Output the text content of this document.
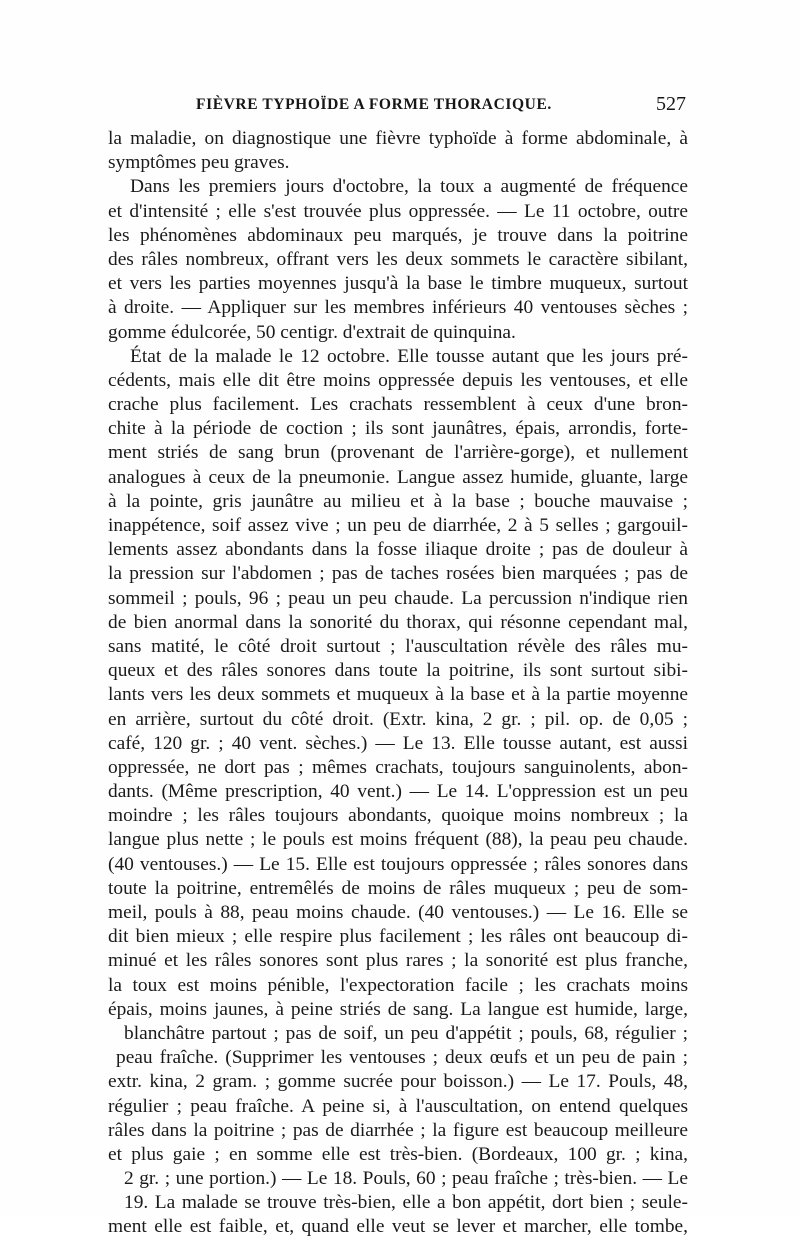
FIÈVRE TYPHOÏDE A FORME THORACIQUE.	527
la maladie, on diagnostique une fièvre typhoïde à forme abdominale, à
symptômes peu graves.
Dans les premiers jours d'octobre, la toux a augmenté de fréquence
et d'intensité ; elle s'est trouvée plus oppressée. — Le 11 octobre, outre
les phénomènes abdominaux peu marqués, je trouve dans la poitrine
des râles nombreux, offrant vers les deux sommets le caractère sibilant,
et vers les parties moyennes jusqu'à la base le timbre muqueux, surtout
à droite. — Appliquer sur les membres inférieurs 40 ventouses sèches ;
gomme édulcorée, 50 centigr. d'extrait de quinquina.
État de la malade le 12 octobre. Elle tousse autant que les jours pré-
cédents, mais elle dit être moins oppressée depuis les ventouses, et elle
crache plus facilement. Les crachats ressemblent à ceux d'une bron-
chite à la période de coction ; ils sont jaunâtres, épais, arrondis, forte-
ment striés de sang brun (provenant de l'arrière-gorge), et nullement
analogues à ceux de la pneumonie. Langue assez humide, gluante, large
à la pointe, gris jaunâtre au milieu et à la base ; bouche mauvaise ;
inappétence, soif assez vive ; un peu de diarrhée, 2 à 5 selles ; gargouil-
lements assez abondants dans la fosse iliaque droite ; pas de douleur à
la pression sur l'abdomen ; pas de taches rosées bien marquées ; pas de
sommeil ; pouls, 96 ; peau un peu chaude. La percussion n'indique rien
de bien anormal dans la sonorité du thorax, qui résonne cependant mal,
sans matité, le côté droit surtout ; l'auscultation révèle des râles mu-
queux et des râles sonores dans toute la poitrine, ils sont surtout sibi-
lants vers les deux sommets et muqueux à la base et à la partie moyenne
en arrière, surtout du côté droit. (Extr. kina, 2 gr. ; pil. op. de 0,05 ;
café, 120 gr. ; 40 vent. sèches.) — Le 13. Elle tousse autant, est aussi
oppressée, ne dort pas ; mêmes crachats, toujours sanguinolents, abon-
dants. (Même prescription, 40 vent.) — Le 14. L'oppression est un peu
moindre ; les râles toujours abondants, quoique moins nombreux ; la
langue plus nette ; le pouls est moins fréquent (88), la peau peu chaude.
(40 ventouses.) — Le 15. Elle est toujours oppressée ; râles sonores dans
toute la poitrine, entremêlés de moins de râles muqueux ; peu de som-
meil, pouls à 88, peau moins chaude. (40 ventouses.) — Le 16. Elle se
dit bien mieux ; elle respire plus facilement ; les râles ont beaucoup di-
minué et les râles sonores sont plus rares ; la sonorité est plus franche,
la toux est moins pénible, l'expectoration facile ; les crachats moins
épais, moins jaunes, à peine striés de sang. La langue est humide, large,
blanchâtre partout ; pas de soif, un peu d'appétit ; pouls, 68, régulier ;
peau fraîche. (Supprimer les ventouses ; deux œufs et un peu de pain ;
extr. kina, 2 gram. ; gomme sucrée pour boisson.) — Le 17. Pouls, 48,
régulier ; peau fraîche. A peine si, à l'auscultation, on entend quelques
râles dans la poitrine ; pas de diarrhée ; la figure est beaucoup meilleure
et plus gaie ; en somme elle est très-bien. (Bordeaux, 100 gr. ; kina,
2 gr. ; une portion.) — Le 18. Pouls, 60 ; peau fraîche ; très-bien. — Le
19. La malade se trouve très-bien, elle a bon appétit, dort bien ; seule-
ment elle est faible, et, quand elle veut se lever et marcher, elle tombe,
